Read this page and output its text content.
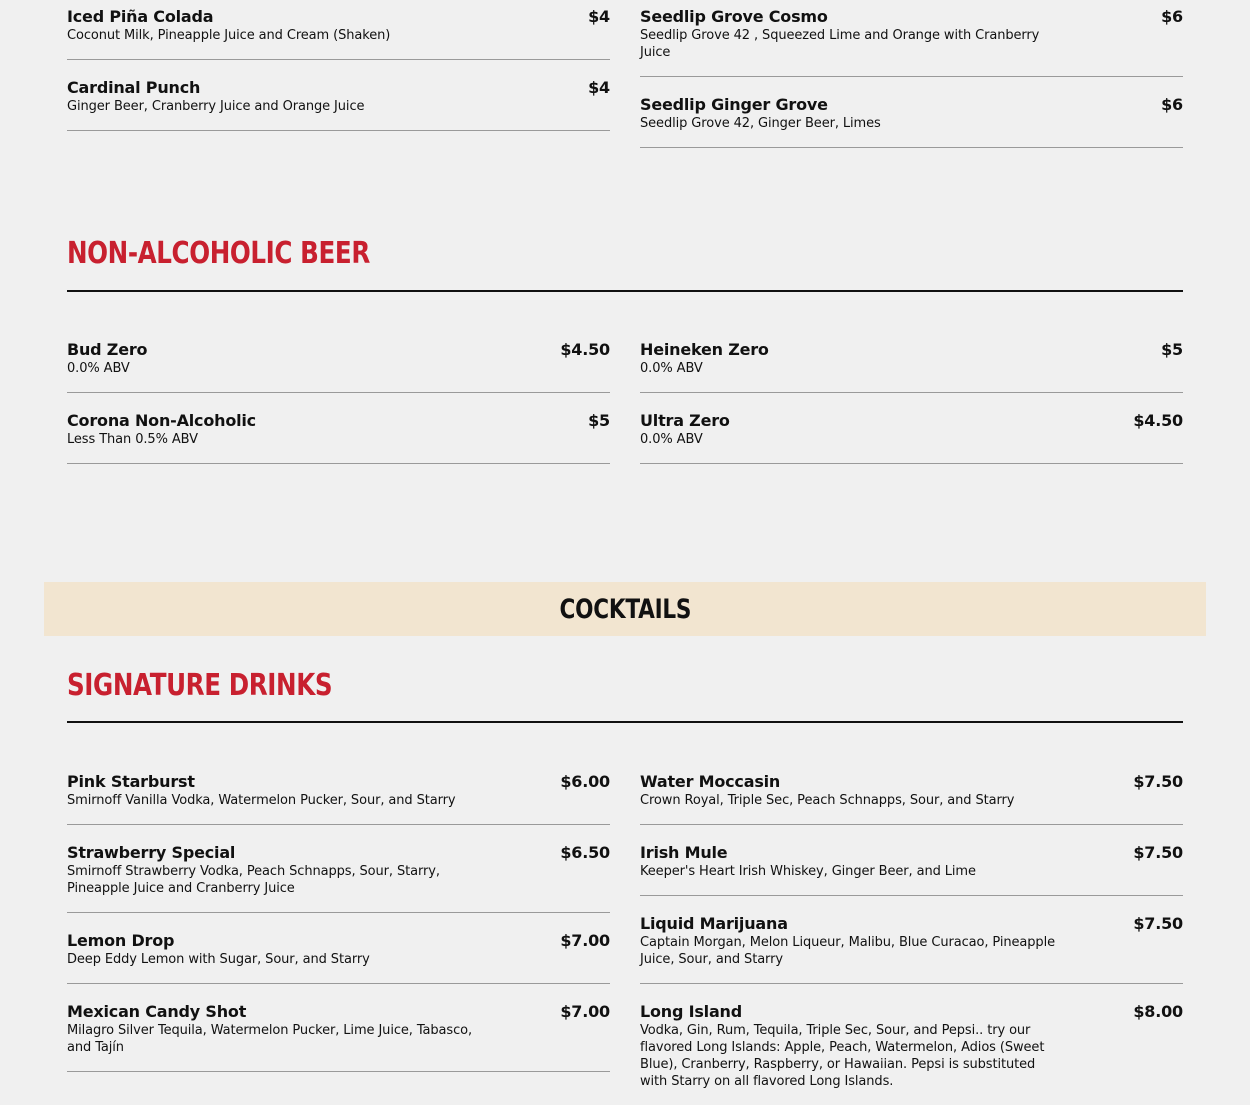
Iced Piña Colada	$4
Coconut Milk, Pineapple Juice and Cream (Shaken)
Cardinal Punch	$4
Ginger Beer, Cranberry Juice and Orange Juice
Seedlip Grove Cosmo	$6
Seedlip Grove 42 , Squeezed Lime and Orange with Cranberry Juice
Seedlip Ginger Grove	$6
Seedlip Grove 42, Ginger Beer, Limes
NON-ALCOHOLIC BEER
Bud Zero	$4.50
0.0% ABV
Corona Non-Alcoholic	$5
Less Than 0.5% ABV
Heineken Zero	$5
0.0% ABV
Ultra Zero	$4.50
0.0% ABV
COCKTAILS
SIGNATURE DRINKS
Pink Starburst	$6.00
Smirnoff Vanilla Vodka, Watermelon Pucker, Sour, and Starry
Strawberry Special	$6.50
Smirnoff Strawberry Vodka, Peach Schnapps, Sour, Starry, Pineapple Juice and Cranberry Juice
Lemon Drop	$7.00
Deep Eddy Lemon with Sugar, Sour, and Starry
Mexican Candy Shot	$7.00
Milagro Silver Tequila, Watermelon Pucker, Lime Juice, Tabasco, and Tajín
Water Moccasin	$7.50
Crown Royal, Triple Sec, Peach Schnapps, Sour, and Starry
Irish Mule	$7.50
Keeper's Heart Irish Whiskey, Ginger Beer, and Lime
Liquid Marijuana	$7.50
Captain Morgan, Melon Liqueur, Malibu, Blue Curacao, Pineapple Juice, Sour, and Starry
Long Island	$8.00
Vodka, Gin, Rum, Tequila, Triple Sec, Sour, and Pepsi.. try our flavored Long Islands: Apple, Peach, Watermelon, Adios (Sweet Blue), Cranberry, Raspberry, or Hawaiian. Pepsi is substituted with Starry on all flavored Long Islands.
